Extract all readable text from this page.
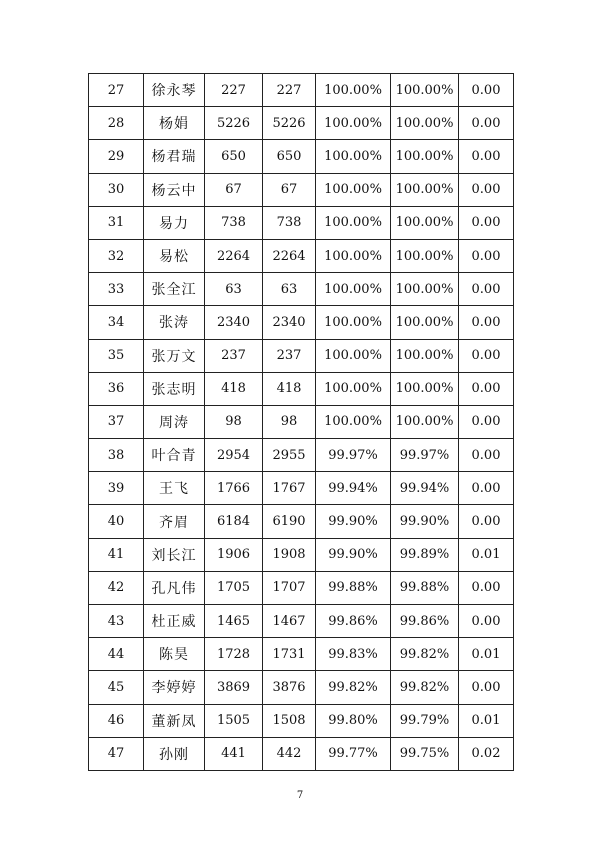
27	徐永琴	227	227	100.00%	100.00%	0.00
28	杨娟	5226	5226	100.00%	100.00%	0.00
29	杨君瑞	650	650	100.00%	100.00%	0.00
30	杨云中	67	67	100.00%	100.00%	0.00
31	易力	738	738	100.00%	100.00%	0.00
32	易松	2264	2264	100.00%	100.00%	0.00
33	张全江	63	63	100.00%	100.00%	0.00
34	张涛	2340	2340	100.00%	100.00%	0.00
35	张万文	237	237	100.00%	100.00%	0.00
36	张志明	418	418	100.00%	100.00%	0.00
37	周涛	98	98	100.00%	100.00%	0.00
38	叶合青	2954	2955	99.97%	99.97%	0.00
39	王飞	1766	1767	99.94%	99.94%	0.00
40	齐眉	6184	6190	99.90%	99.90%	0.00
41	刘长江	1906	1908	99.90%	99.89%	0.01
42	孔凡伟	1705	1707	99.88%	99.88%	0.00
43	杜正威	1465	1467	99.86%	99.86%	0.00
44	陈昊	1728	1731	99.83%	99.82%	0.01
45	李婷婷	3869	3876	99.82%	99.82%	0.00
46	董新凤	1505	1508	99.80%	99.79%	0.01
47	孙刚	441	442	99.77%	99.75%	0.02
7
